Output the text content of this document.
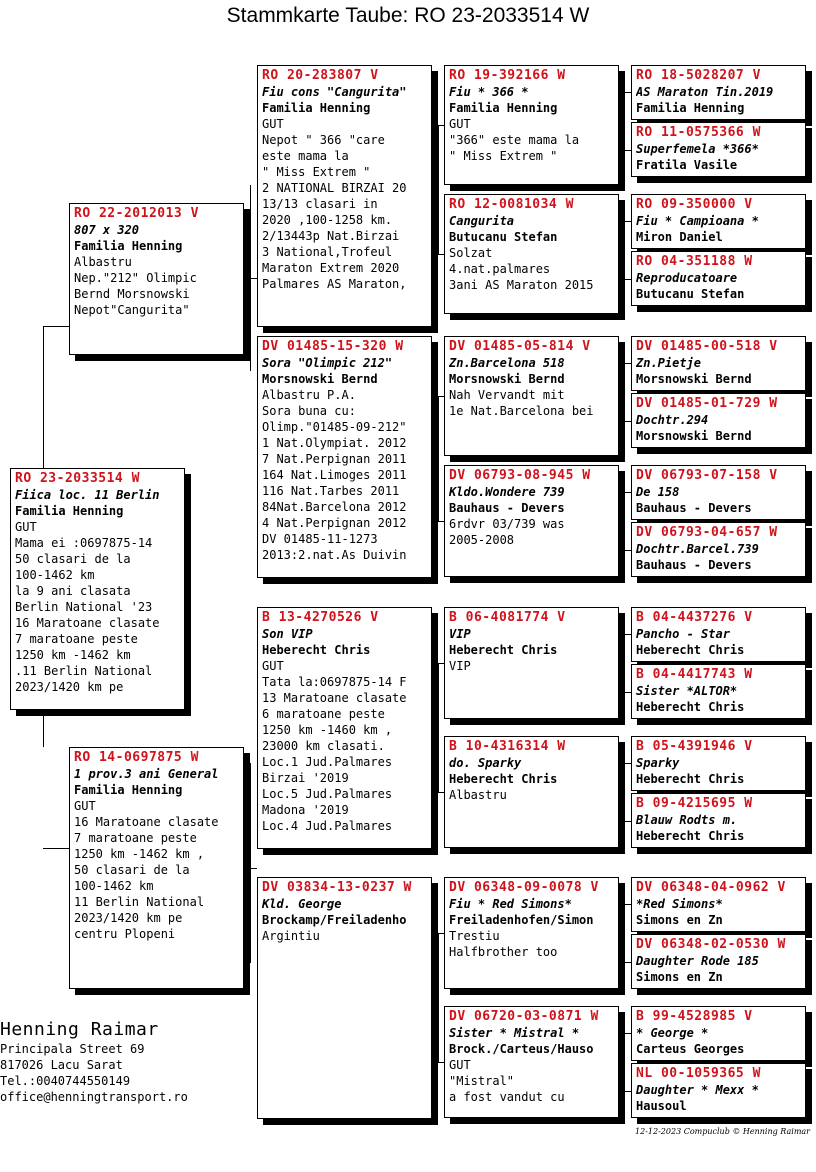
Stammkarte Taube: RO 23-2033514 W
RO 23-2033514 W
Fiica loc. 11 Berlin
Familia Henning
GUT
Mama ei :0697875-14
50 clasari de la
100-1462 km
la 9 ani clasata
Berlin National '23
16 Maratoane clasate
7 maratoane peste
1250 km -1462 km
.11 Berlin National
2023/1420 km pe
RO 22-2012013 V
807 x 320
Familia Henning
Albastru
Nep."212" Olimpic
Bernd Morsnowski
Nepot"Cangurita"
RO 14-0697875 W
1 prov.3 ani General
Familia Henning
GUT
16 Maratoane clasate
7 maratoane peste
1250 km -1462 km ,
50 clasari de la
100-1462 km
11 Berlin National
2023/1420 km pe
centru Plopeni
RO 20-283807 V
Fiu cons "Cangurita"
Familia Henning
GUT
Nepot " 366 "care
este mama la
" Miss Extrem "
2 NATIONAL BIRZAI 20
13/13 clasari in
2020 ,100-1258 km.
2/13443p Nat.Birzai
3 National,Trofeul
Maraton Extrem 2020
Palmares AS Maraton,
DV 01485-15-320 W
Sora "Olimpic 212"
Morsnowski Bernd
Albastru P.A.
Sora buna cu:
Olimp."01485-09-212"
1 Nat.Olympiat. 2012
7 Nat.Perpignan 2011
164 Nat.Limoges 2011
116 Nat.Tarbes 2011
84Nat.Barcelona 2012
4 Nat.Perpignan 2012
DV 01485-11-1273
2013:2.nat.As Duivin
B 13-4270526 V
Son VIP
Heberecht Chris
GUT
Tata la:0697875-14 F
13 Maratoane clasate
6 maratoane peste
1250 km -1460 km ,
23000 km clasati.
Loc.1 Jud.Palmares
Birzai '2019
Loc.5 Jud.Palmares
Madona '2019
Loc.4 Jud.Palmares
DV 03834-13-0237 W
Kld. George
Brockamp/Freiladenho
Argintiu
RO 19-392166 W
Fiu * 366 *
Familia Henning
GUT
"366" este mama la
" Miss Extrem "
RO 12-0081034 W
Cangurita
Butucanu Stefan
Solzat
4.nat.palmares
3ani AS Maraton 2015
DV 01485-05-814 V
Zn.Barcelona 518
Morsnowski Bernd
Nah Vervandt mit
1e Nat.Barcelona bei
DV 06793-08-945 W
Kldo.Wondere 739
Bauhaus - Devers
6rdvr 03/739 was
2005-2008
B 06-4081774 V
VIP
Heberecht Chris
VIP
B 10-4316314 W
do. Sparky
Heberecht Chris
Albastru
DV 06348-09-0078 V
Fiu * Red Simons*
Freiladenhofen/Simon
Trestiu
Halfbrother too
DV 06720-03-0871 W
Sister * Mistral *
Brock./Carteus/Hauso
GUT
"Mistral"
a fost vandut cu
RO 18-5028207 V
AS Maraton Tin.2019
Familia Henning
RO 11-0575366 W
Superfemela *366*
Fratila Vasile
RO 09-350000 V
Fiu * Campioana *
Miron Daniel
RO 04-351188 W
Reproducatoare
Butucanu Stefan
DV 01485-00-518 V
Zn.Pietje
Morsnowski Bernd
DV 01485-01-729 W
Dochtr.294
Morsnowski Bernd
DV 06793-07-158 V
De 158
Bauhaus - Devers
DV 06793-04-657 W
Dochtr.Barcel.739
Bauhaus - Devers
B 04-4437276 V
Pancho - Star
Heberecht Chris
B 04-4417743 W
Sister *ALTOR*
Heberecht Chris
B 05-4391946 V
Sparky
Heberecht Chris
B 09-4215695 W
Blauw Rodts m.
Heberecht Chris
DV 06348-04-0962 V
*Red Simons*
Simons en Zn
DV 06348-02-0530 W
Daughter Rode 185
Simons en Zn
B 99-4528985 V
* George *
Carteus Georges
NL 00-1059365 W
Daughter * Mexx *
Hausoul
Henning Raimar
Principala Street 69
817026 Lacu Sarat
Tel.:0040744550149
office@henningtransport.ro
12-12-2023 Compuclub © Henning Raimar
